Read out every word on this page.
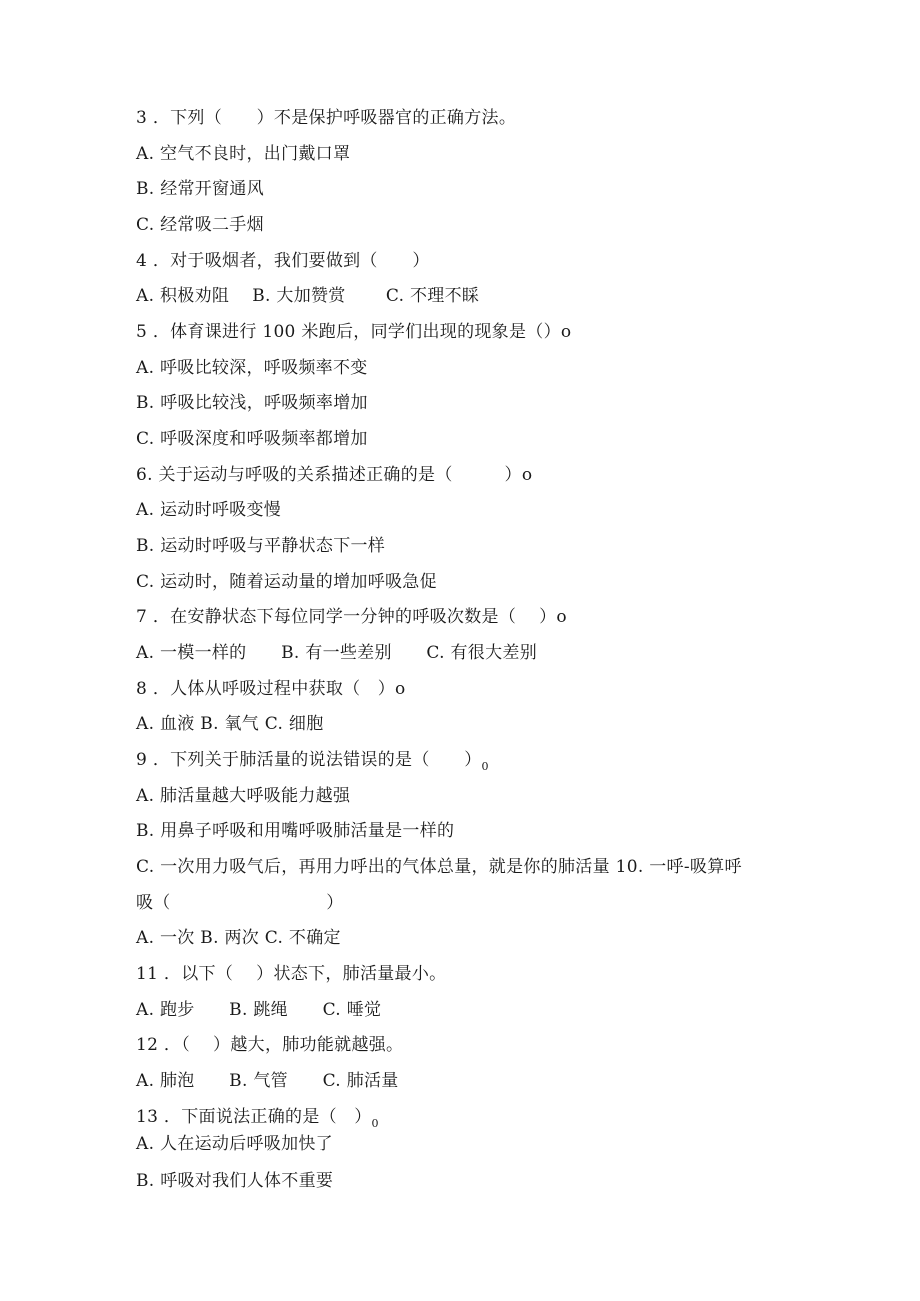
3 ．下列（　　）不是保护呼吸器官的正确方法。
A. 空气不良时，出门戴口罩
B. 经常开窗通风
C. 经常吸二手烟
4 ．对于吸烟者，我们要做到（　　）
A. 积极劝阻　 B. 大加赞赏　　 C. 不理不睬
5 ．体育课进行 100 米跑后，同学们出现的现象是（）o
A. 呼吸比较深，呼吸频率不变
B. 呼吸比较浅，呼吸频率增加
C. 呼吸深度和呼吸频率都增加
6. 关于运动与呼吸的关系描述正确的是（　　　）o
A. 运动时呼吸变慢
B. 运动时呼吸与平静状态下一样
C. 运动时，随着运动量的增加呼吸急促
7 ．在安静状态下每位同学一分钟的呼吸次数是（　 ）o
A. 一模一样的　　B. 有一些差别　　C. 有很大差别
8 ．人体从呼吸过程中获取（　）o
A. 血液 B. 氧气 C. 细胞
9 ．下列关于肺活量的说法错误的是（　　）$_0$
A. 肺活量越大呼吸能力越强
B. 用鼻子呼吸和用嘴呼吸肺活量是一样的
C. 一次用力吸气后，再用力呼出的气体总量，就是你的肺活量 10. 一呼-吸算呼
吸（　　　　　　　　　）
A. 一次 B. 两次 C. 不确定
11 ．以下（　 ）状态下，肺活量最小。
A. 跑步　　B. 跳绳　　C. 唾觉
12 ．（　 ）越大，肺功能就越强。
A. 肺泡　　B. 气管　　C. 肺活量
13 ．下面说法正确的是（　）$_0$
A. 人在运动后呼吸加快了
B. 呼吸对我们人体不重要
